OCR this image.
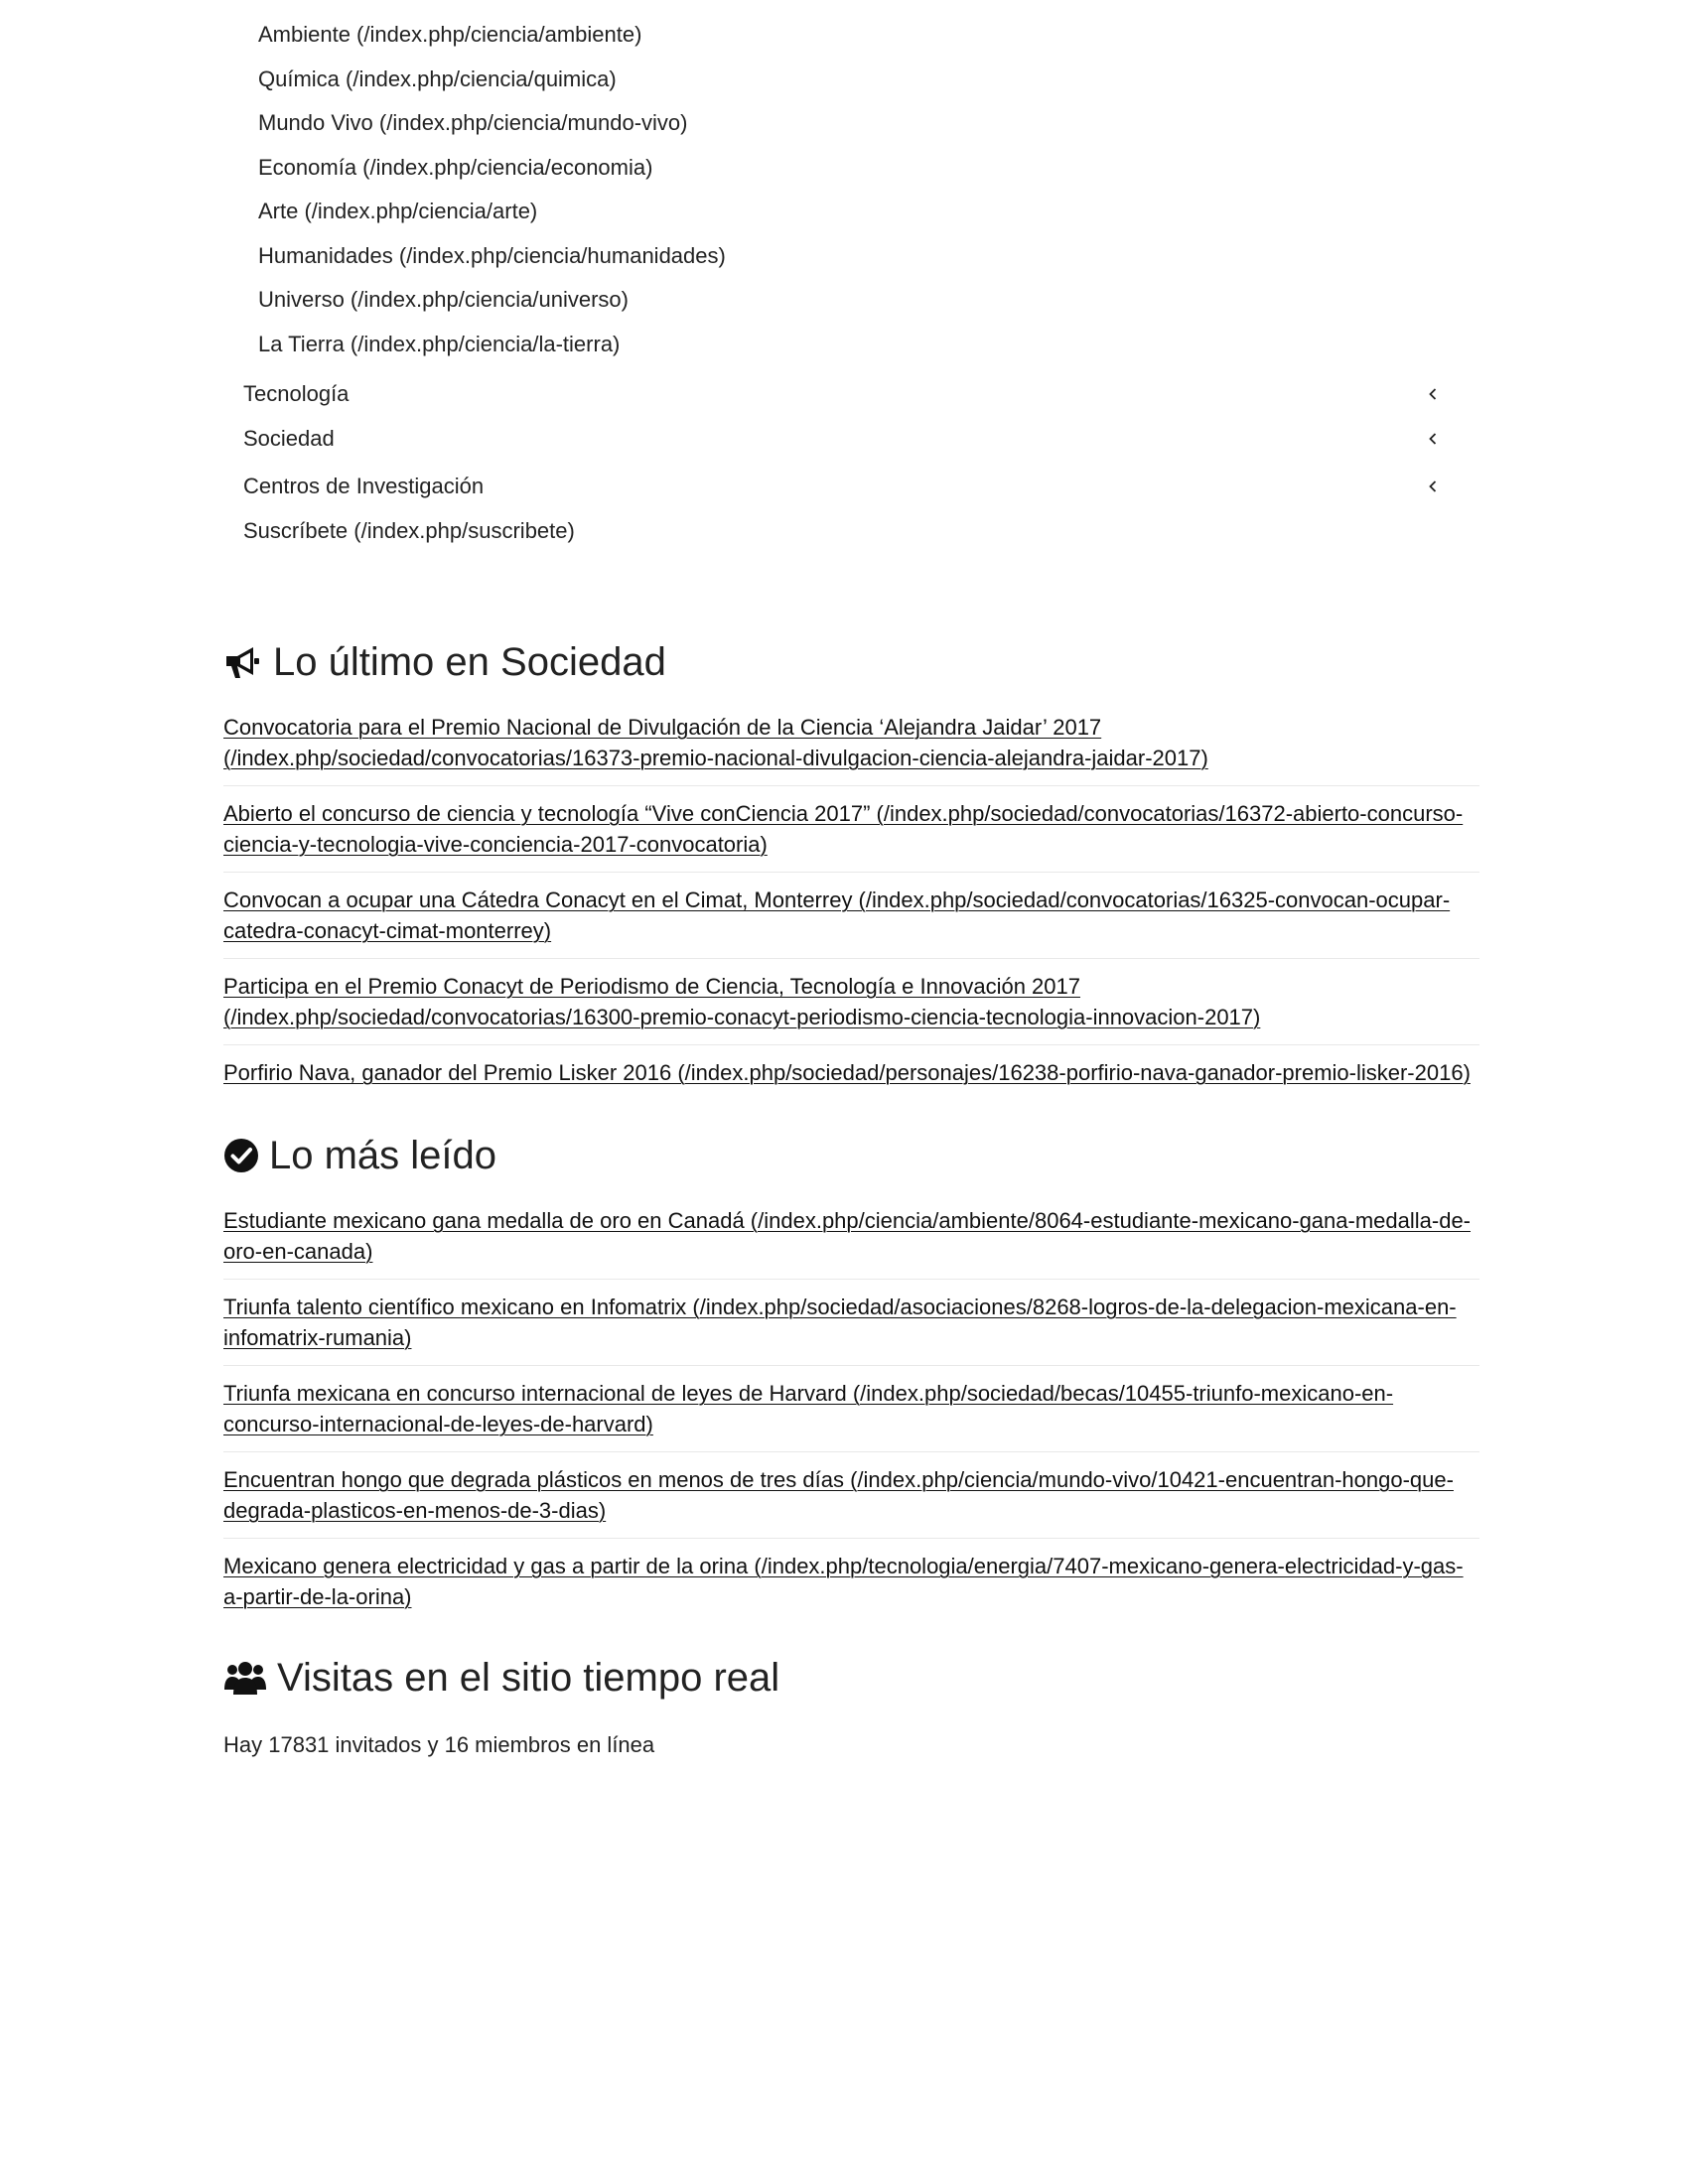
Ambiente (/index.php/ciencia/ambiente)
Química (/index.php/ciencia/quimica)
Mundo Vivo (/index.php/ciencia/mundo-vivo)
Economía (/index.php/ciencia/economia)
Arte (/index.php/ciencia/arte)
Humanidades (/index.php/ciencia/humanidades)
Universo (/index.php/ciencia/universo)
La Tierra (/index.php/ciencia/la-tierra)
Tecnología
Sociedad
Centros de Investigación
Suscríbete (/index.php/suscribete)
Lo último en Sociedad
Convocatoria para el Premio Nacional de Divulgación de la Ciencia ‘Alejandra Jaidar’ 2017 (/index.php/sociedad/convocatorias/16373-premio-nacional-divulgacion-ciencia-alejandra-jaidar-2017)
Abierto el concurso de ciencia y tecnología “Vive conCiencia 2017” (/index.php/sociedad/convocatorias/16372-abierto-concurso-ciencia-y-tecnologia-vive-conciencia-2017-convocatoria)
Convocan a ocupar una Cátedra Conacyt en el Cimat, Monterrey (/index.php/sociedad/convocatorias/16325-convocan-ocupar-catedra-conacyt-cimat-monterrey)
Participa en el Premio Conacyt de Periodismo de Ciencia, Tecnología e Innovación 2017 (/index.php/sociedad/convocatorias/16300-premio-conacyt-periodismo-ciencia-tecnologia-innovacion-2017)
Porfirio Nava, ganador del Premio Lisker 2016 (/index.php/sociedad/personajes/16238-porfirio-nava-ganador-premio-lisker-2016)
Lo más leído
Estudiante mexicano gana medalla de oro en Canadá (/index.php/ciencia/ambiente/8064-estudiante-mexicano-gana-medalla-de-oro-en-canada)
Triunfa talento científico mexicano en Infomatrix (/index.php/sociedad/asociaciones/8268-logros-de-la-delegacion-mexicana-en-infomatrix-rumania)
Triunfa mexicana en concurso internacional de leyes de Harvard (/index.php/sociedad/becas/10455-triunfo-mexicano-en-concurso-internacional-de-leyes-de-harvard)
Encuentran hongo que degrada plásticos en menos de tres días (/index.php/ciencia/mundo-vivo/10421-encuentran-hongo-que-degrada-plasticos-en-menos-de-3-dias)
Mexicano genera electricidad y gas a partir de la orina (/index.php/tecnologia/energia/7407-mexicano-genera-electricidad-y-gas-a-partir-de-la-orina)
Visitas en el sitio tiempo real
Hay 17831 invitados y 16 miembros en línea
